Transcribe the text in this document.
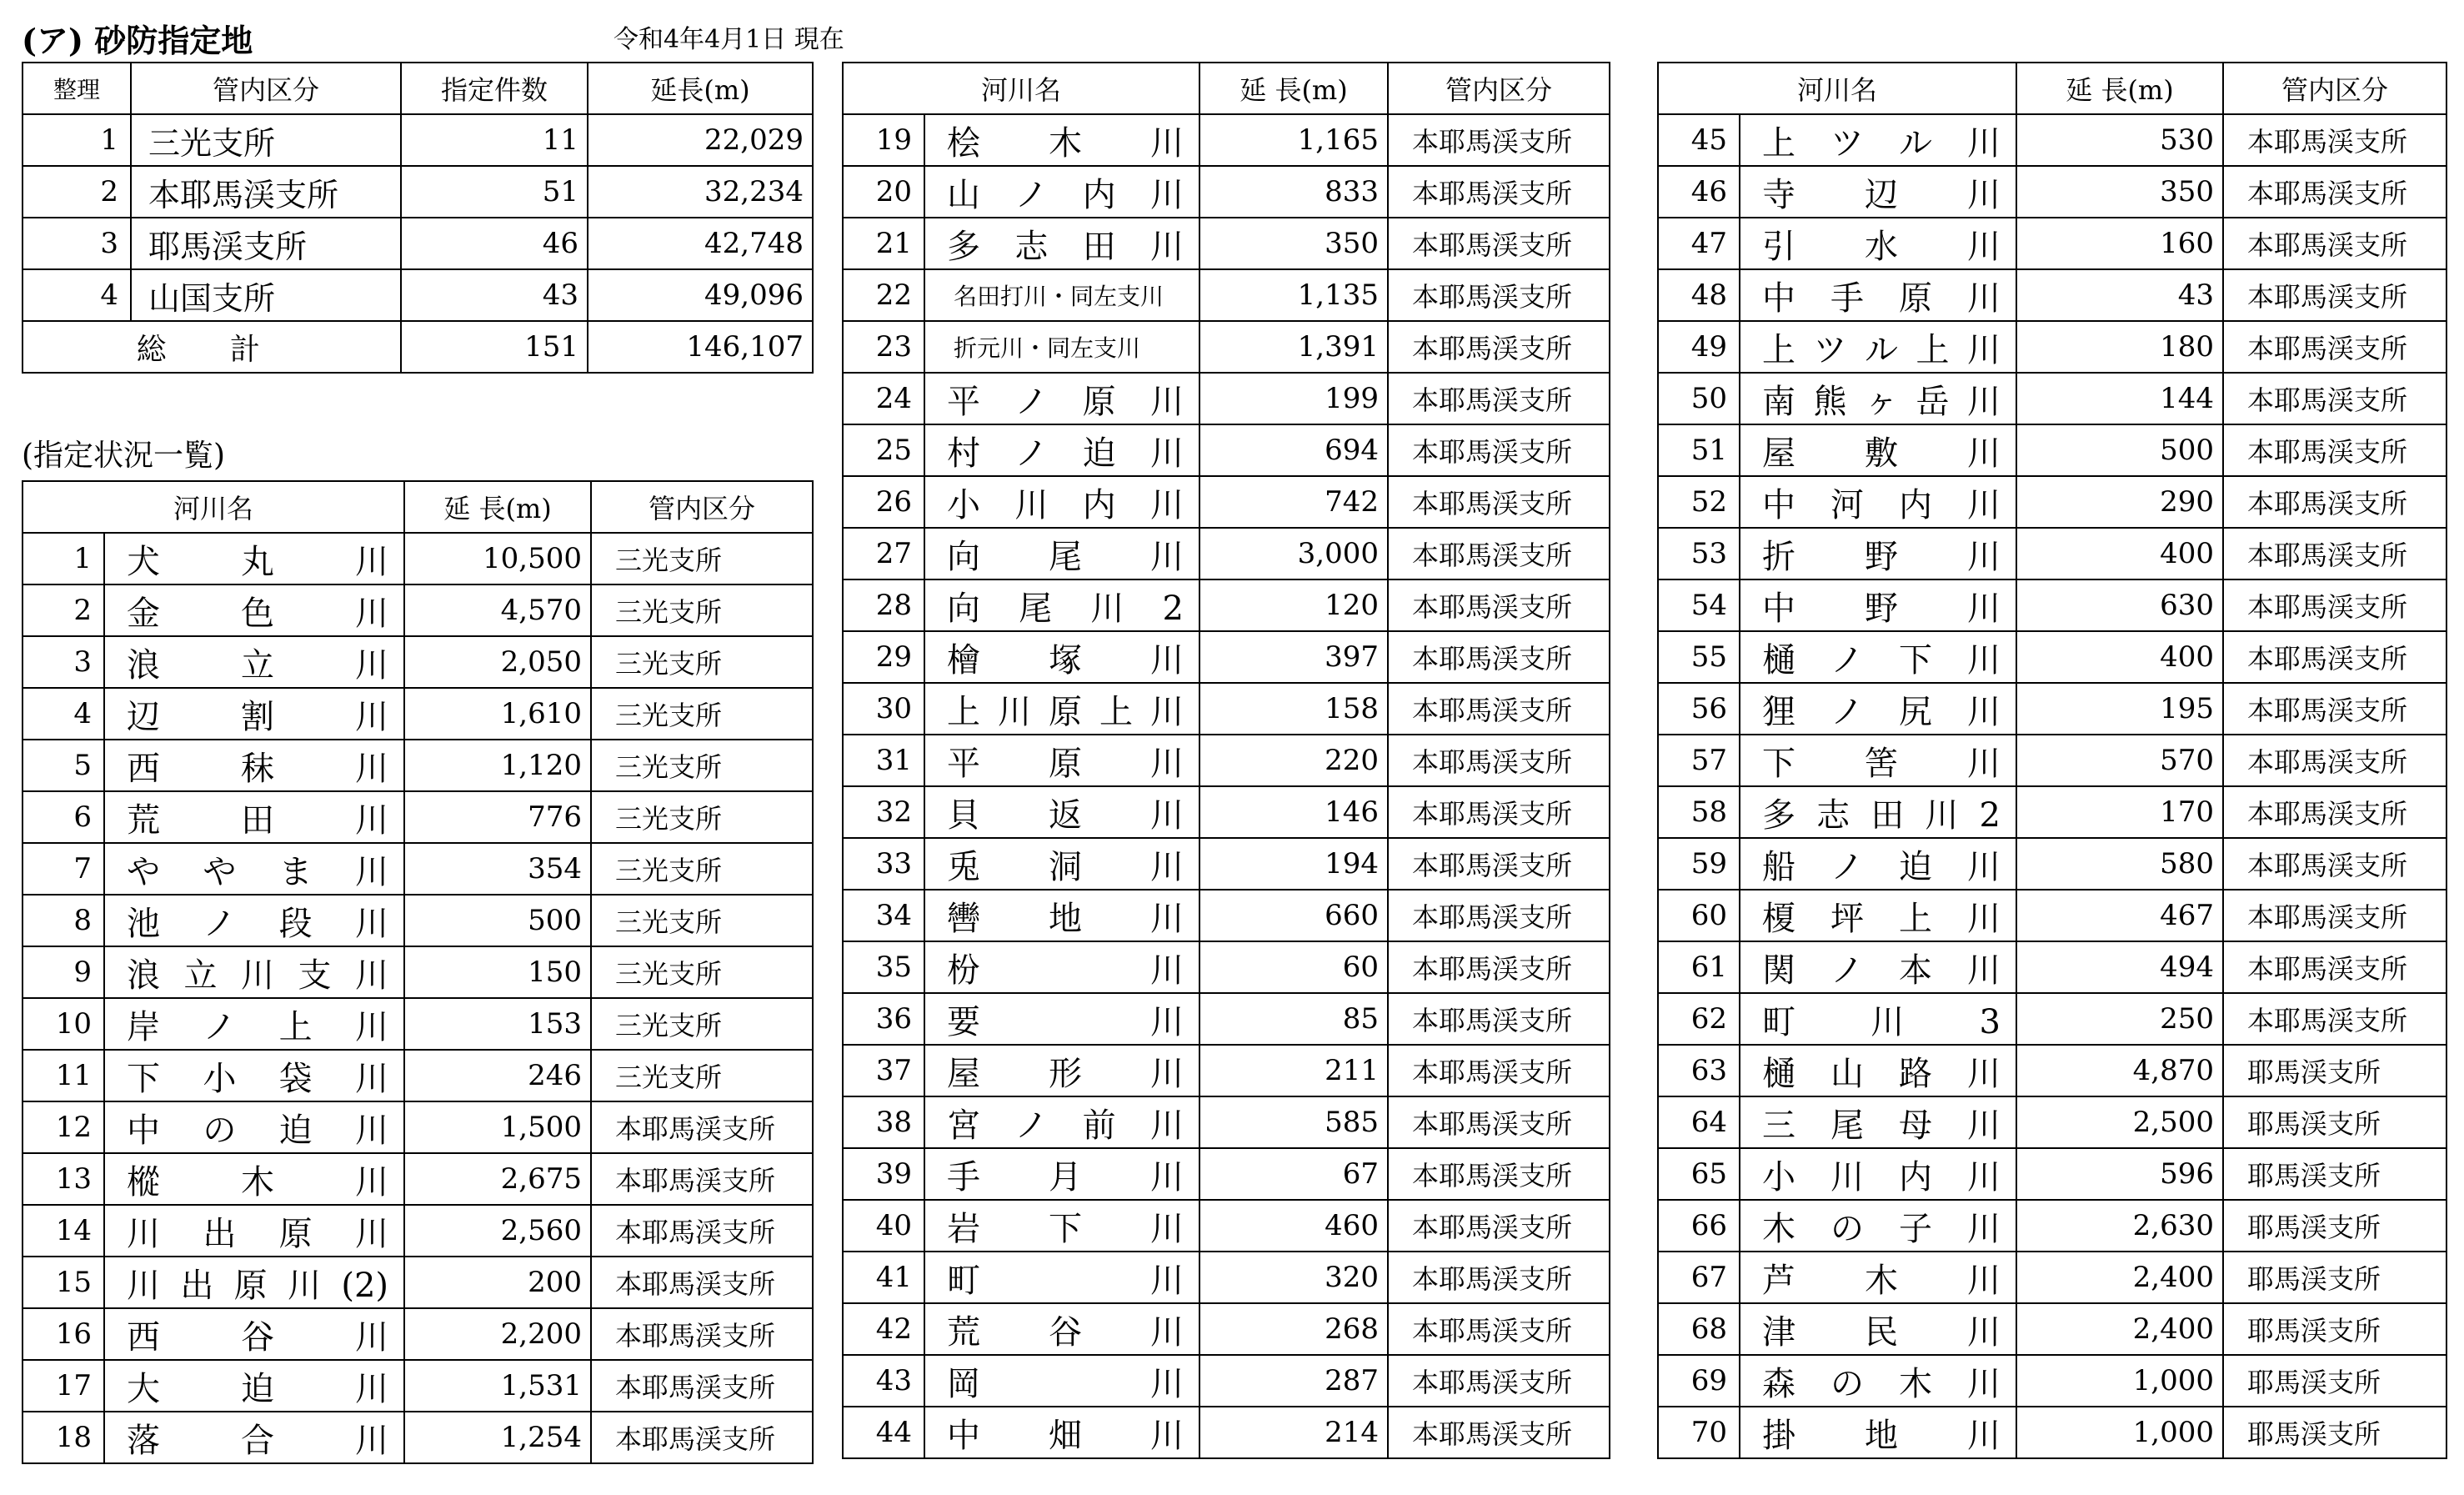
(ア) 砂防指定地	令和4年4月1日 現在
整理	管内区分	指定件数	延長(m)
1	三光支所	11	22,029
2	本耶馬渓支所	51	32,234
3	耶馬渓支所	46	42,748
4	山国支所	43	49,096
総 計		151	146,107
(指定状況一覧)
河川名		延 長(m)	管内区分
1	犬丸川	10,500	三光支所
2	金色川	4,570	三光支所
3	浪立川	2,050	三光支所
4	辺割川	1,610	三光支所
5	西秣川	1,120	三光支所
6	荒田川	776	三光支所
7	ややま川	354	三光支所
8	池ノ段川	500	三光支所
9	浪立川支川	150	三光支所
10	岸ノ上川	153	三光支所
11	下小袋川	246	三光支所
12	中の迫川	1,500	本耶馬渓支所
13	樅木川	2,675	本耶馬渓支所
14	川出原川	2,560	本耶馬渓支所
15	川出原川(2)	200	本耶馬渓支所
16	西谷川	2,200	本耶馬渓支所
17	大迫川	1,531	本耶馬渓支所
18	落合川	1,254	本耶馬渓支所
河川名		延 長(m)	管内区分
19	桧木川	1,165	本耶馬渓支所
20	山ノ内川	833	本耶馬渓支所
21	多志田川	350	本耶馬渓支所
22	名田打川・同左支川	1,135	本耶馬渓支所
23	折元川・同左支川	1,391	本耶馬渓支所
24	平ノ原川	199	本耶馬渓支所
25	村ノ迫川	694	本耶馬渓支所
26	小川内川	742	本耶馬渓支所
27	向尾川	3,000	本耶馬渓支所
28	向尾川2	120	本耶馬渓支所
29	檜塚川	397	本耶馬渓支所
30	上川原上川	158	本耶馬渓支所
31	平原川	220	本耶馬渓支所
32	貝返川	146	本耶馬渓支所
33	兎洞川	194	本耶馬渓支所
34	轡地川	660	本耶馬渓支所
35	枌川	60	本耶馬渓支所
36	要川	85	本耶馬渓支所
37	屋形川	211	本耶馬渓支所
38	宮ノ前川	585	本耶馬渓支所
39	手月川	67	本耶馬渓支所
40	岩下川	460	本耶馬渓支所
41	町川	320	本耶馬渓支所
42	荒谷川	268	本耶馬渓支所
43	岡川	287	本耶馬渓支所
44	中畑川	214	本耶馬渓支所
河川名		延 長(m)	管内区分
45	上ツル川	530	本耶馬渓支所
46	寺辺川	350	本耶馬渓支所
47	引水川	160	本耶馬渓支所
48	中手原川	43	本耶馬渓支所
49	上ツル上川	180	本耶馬渓支所
50	南熊ヶ岳川	144	本耶馬渓支所
51	屋敷川	500	本耶馬渓支所
52	中河内川	290	本耶馬渓支所
53	折野川	400	本耶馬渓支所
54	中野川	630	本耶馬渓支所
55	樋ノ下川	400	本耶馬渓支所
56	狸ノ尻川	195	本耶馬渓支所
57	下筈川	570	本耶馬渓支所
58	多志田川2	170	本耶馬渓支所
59	船ノ迫川	580	本耶馬渓支所
60	榎坪上川	467	本耶馬渓支所
61	関ノ本川	494	本耶馬渓支所
62	町川3	250	本耶馬渓支所
63	樋山路川	4,870	耶馬渓支所
64	三尾母川	2,500	耶馬渓支所
65	小川内川	596	耶馬渓支所
66	木の子川	2,630	耶馬渓支所
67	芦木川	2,400	耶馬渓支所
68	津民川	2,400	耶馬渓支所
69	森の木川	1,000	耶馬渓支所
70	掛地川	1,000	耶馬渓支所
